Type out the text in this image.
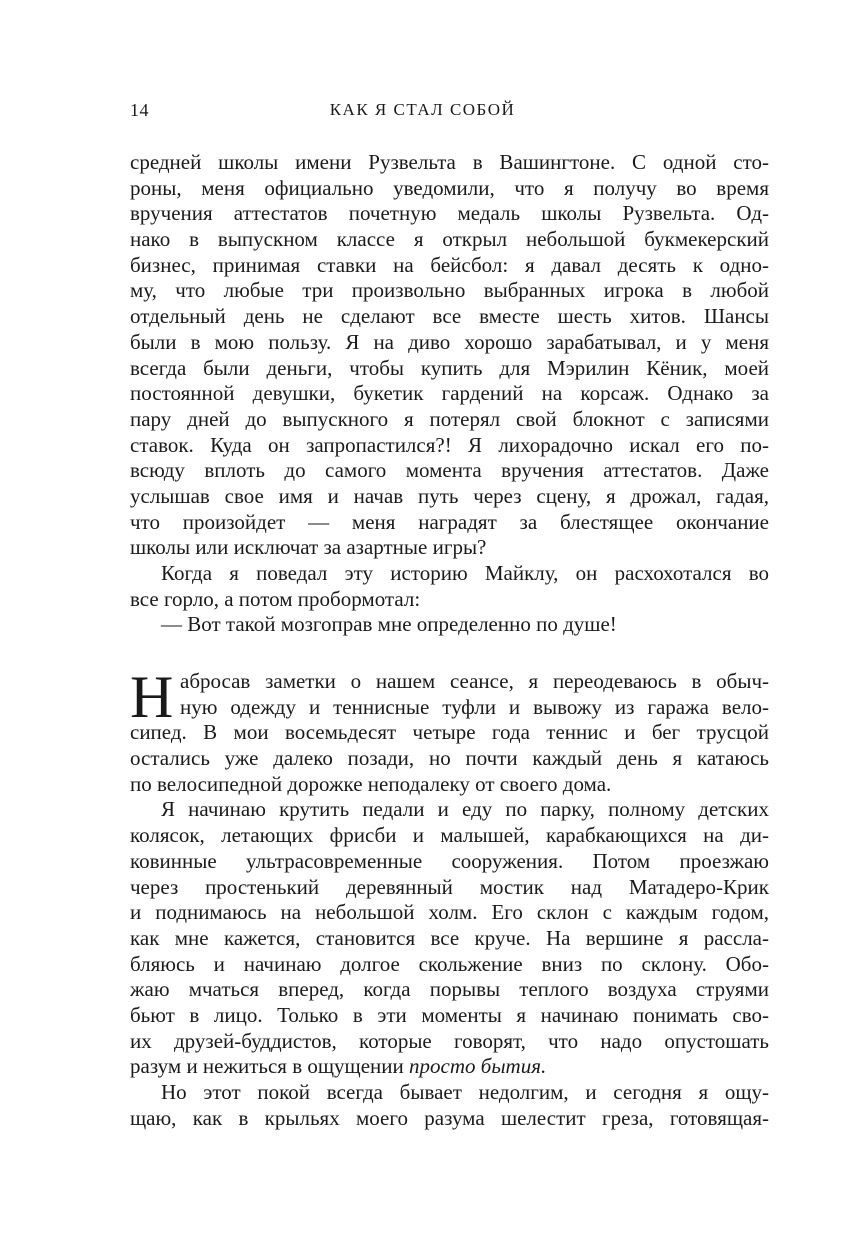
14	КАК Я СТАЛ СОБОЙ
средней школы имени Рузвельта в Вашингтоне. С одной сто-
роны, меня официально уведомили, что я получу во время
вручения аттестатов почетную медаль школы Рузвельта. Од-
нако в выпускном классе я открыл небольшой букмекерский
бизнес, принимая ставки на бейсбол: я давал десять к одно-
му, что любые три произвольно выбранных игрока в любой
отдельный день не сделают все вместе шесть хитов. Шансы
были в мою пользу. Я на диво хорошо зарабатывал, и у меня
всегда были деньги, чтобы купить для Мэрилин Кёник, моей
постоянной девушки, букетик гардений на корсаж. Однако за
пару дней до выпускного я потерял свой блокнот с записями
ставок. Куда он запропастился?! Я лихорадочно искал его по-
всюду вплоть до самого момента вручения аттестатов. Даже
услышав свое имя и начав путь через сцену, я дрожал, гадая,
что произойдет — меня наградят за блестящее окончание
школы или исключат за азартные игры?
Когда я поведал эту историю Майклу, он расхохотался во
все горло, а потом пробормотал:
— Вот такой мозгоправ мне определенно по душе!
Н абросав заметки о нашем сеансе, я переодеваюсь в обыч-
ную одежду и теннисные туфли и вывожу из гаража вело-
сипед. В мои восемьдесят четыре года теннис и бег трусцой
остались уже далеко позади, но почти каждый день я катаюсь
по велосипедной дорожке неподалеку от своего дома.
Я начинаю крутить педали и еду по парку, полному детских
колясок, летающих фрисби и малышей, карабкающихся на ди-
ковинные ультрасовременные сооружения. Потом проезжаю
через простенький деревянный мостик над Матадеро-Крик
и поднимаюсь на небольшой холм. Его склон с каждым годом,
как мне кажется, становится все круче. На вершине я рассла-
бляюсь и начинаю долгое скольжение вниз по склону. Обо-
жаю мчаться вперед, когда порывы теплого воздуха струями
бьют в лицо. Только в эти моменты я начинаю понимать сво-
их друзей-буддистов, которые говорят, что надо опустошать
разум и нежиться в ощущении просто бытия.
Но этот покой всегда бывает недолгим, и сегодня я ощу-
щаю, как в крыльях моего разума шелестит греза, готовящая-
